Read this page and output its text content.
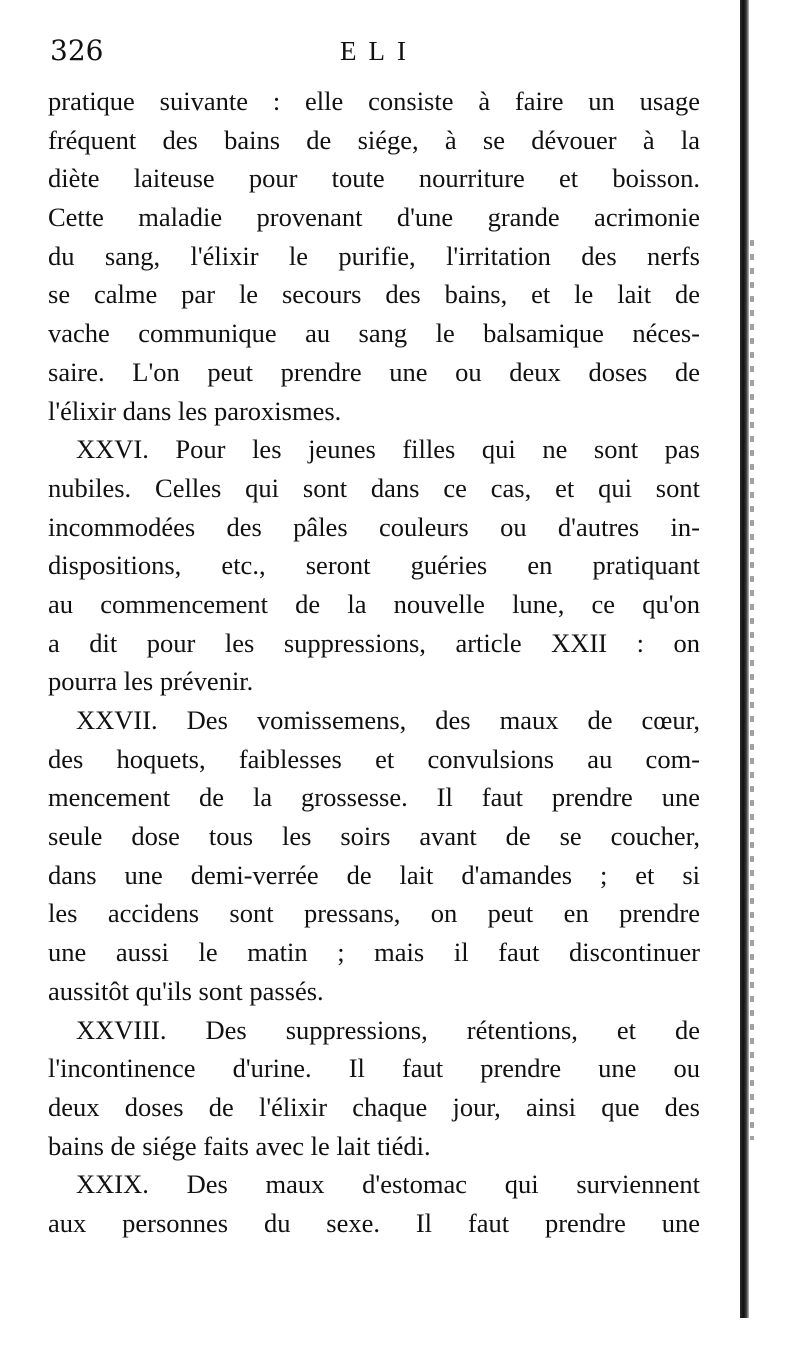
326	ELI
pratique suivante : elle consiste à faire un usage
fréquent des bains de siége, à se dévouer à la
diète laiteuse pour toute nourriture et boisson.
Cette maladie provenant d'une grande acrimonie
du sang, l'élixir le purifie, l'irritation des nerfs
se calme par le secours des bains, et le lait de
vache communique au sang le balsamique néces-
saire. L'on peut prendre une ou deux doses de
l'élixir dans les paroxismes.
XXVI. Pour les jeunes filles qui ne sont pas
nubiles. Celles qui sont dans ce cas, et qui sont
incommodées des pâles couleurs ou d'autres in-
dispositions, etc., seront guéries en pratiquant
au commencement de la nouvelle lune, ce qu'on
a dit pour les suppressions, article XXII : on
pourra les prévenir.
XXVII. Des vomissemens, des maux de cœur,
des hoquets, faiblesses et convulsions au com-
mencement de la grossesse. Il faut prendre une
seule dose tous les soirs avant de se coucher,
dans une demi-verrée de lait d'amandes ; et si
les accidens sont pressans, on peut en prendre
une aussi le matin ; mais il faut discontinuer
aussitôt qu'ils sont passés.
XXVIII. Des suppressions, rétentions, et de
l'incontinence d'urine. Il faut prendre une ou
deux doses de l'élixir chaque jour, ainsi que des
bains de siége faits avec le lait tiédi.
XXIX. Des maux d'estomac qui surviennent
aux personnes du sexe. Il faut prendre une
